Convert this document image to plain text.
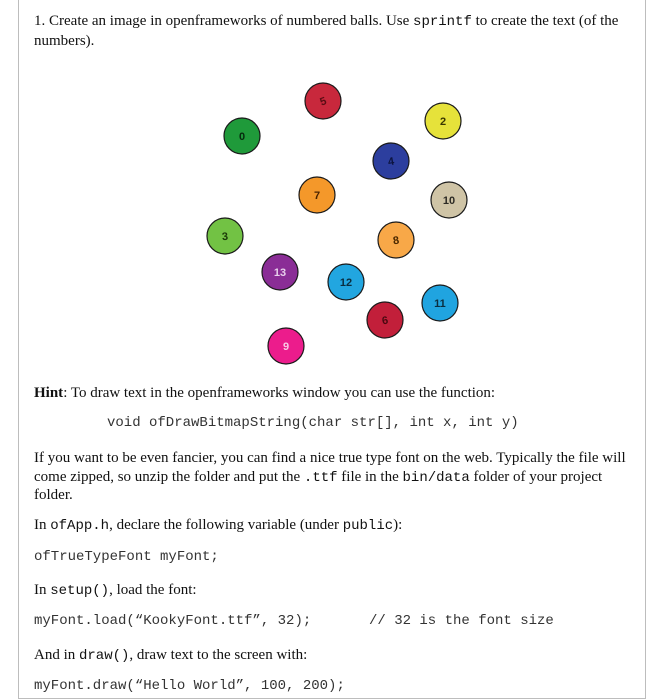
1. Create an image in openframeworks of numbered balls. Use sprintf to create the text (of the numbers).

5
2
0
4
7	10
3	8
13
12
11
6
9

Hint: To draw text in the openframeworks window you can use the function:

void ofDrawBitmapString(char str[], int x, int y)

If you want to be even fancier, you can find a nice true type font on the web. Typically the file will

come zipped, so unzip the folder and put the .ttf file in the bin/data folder of your project

folder.

In ofApp.h, declare the following variable (under public):

ofTrueTypeFont myFont;

In setup(), load the font:

myFont.load(“KookyFont.ttf”, 32);	// 32 is the font size

And in draw(), draw text to the screen with:

myFont.draw(“Hello World”, 100, 200);
